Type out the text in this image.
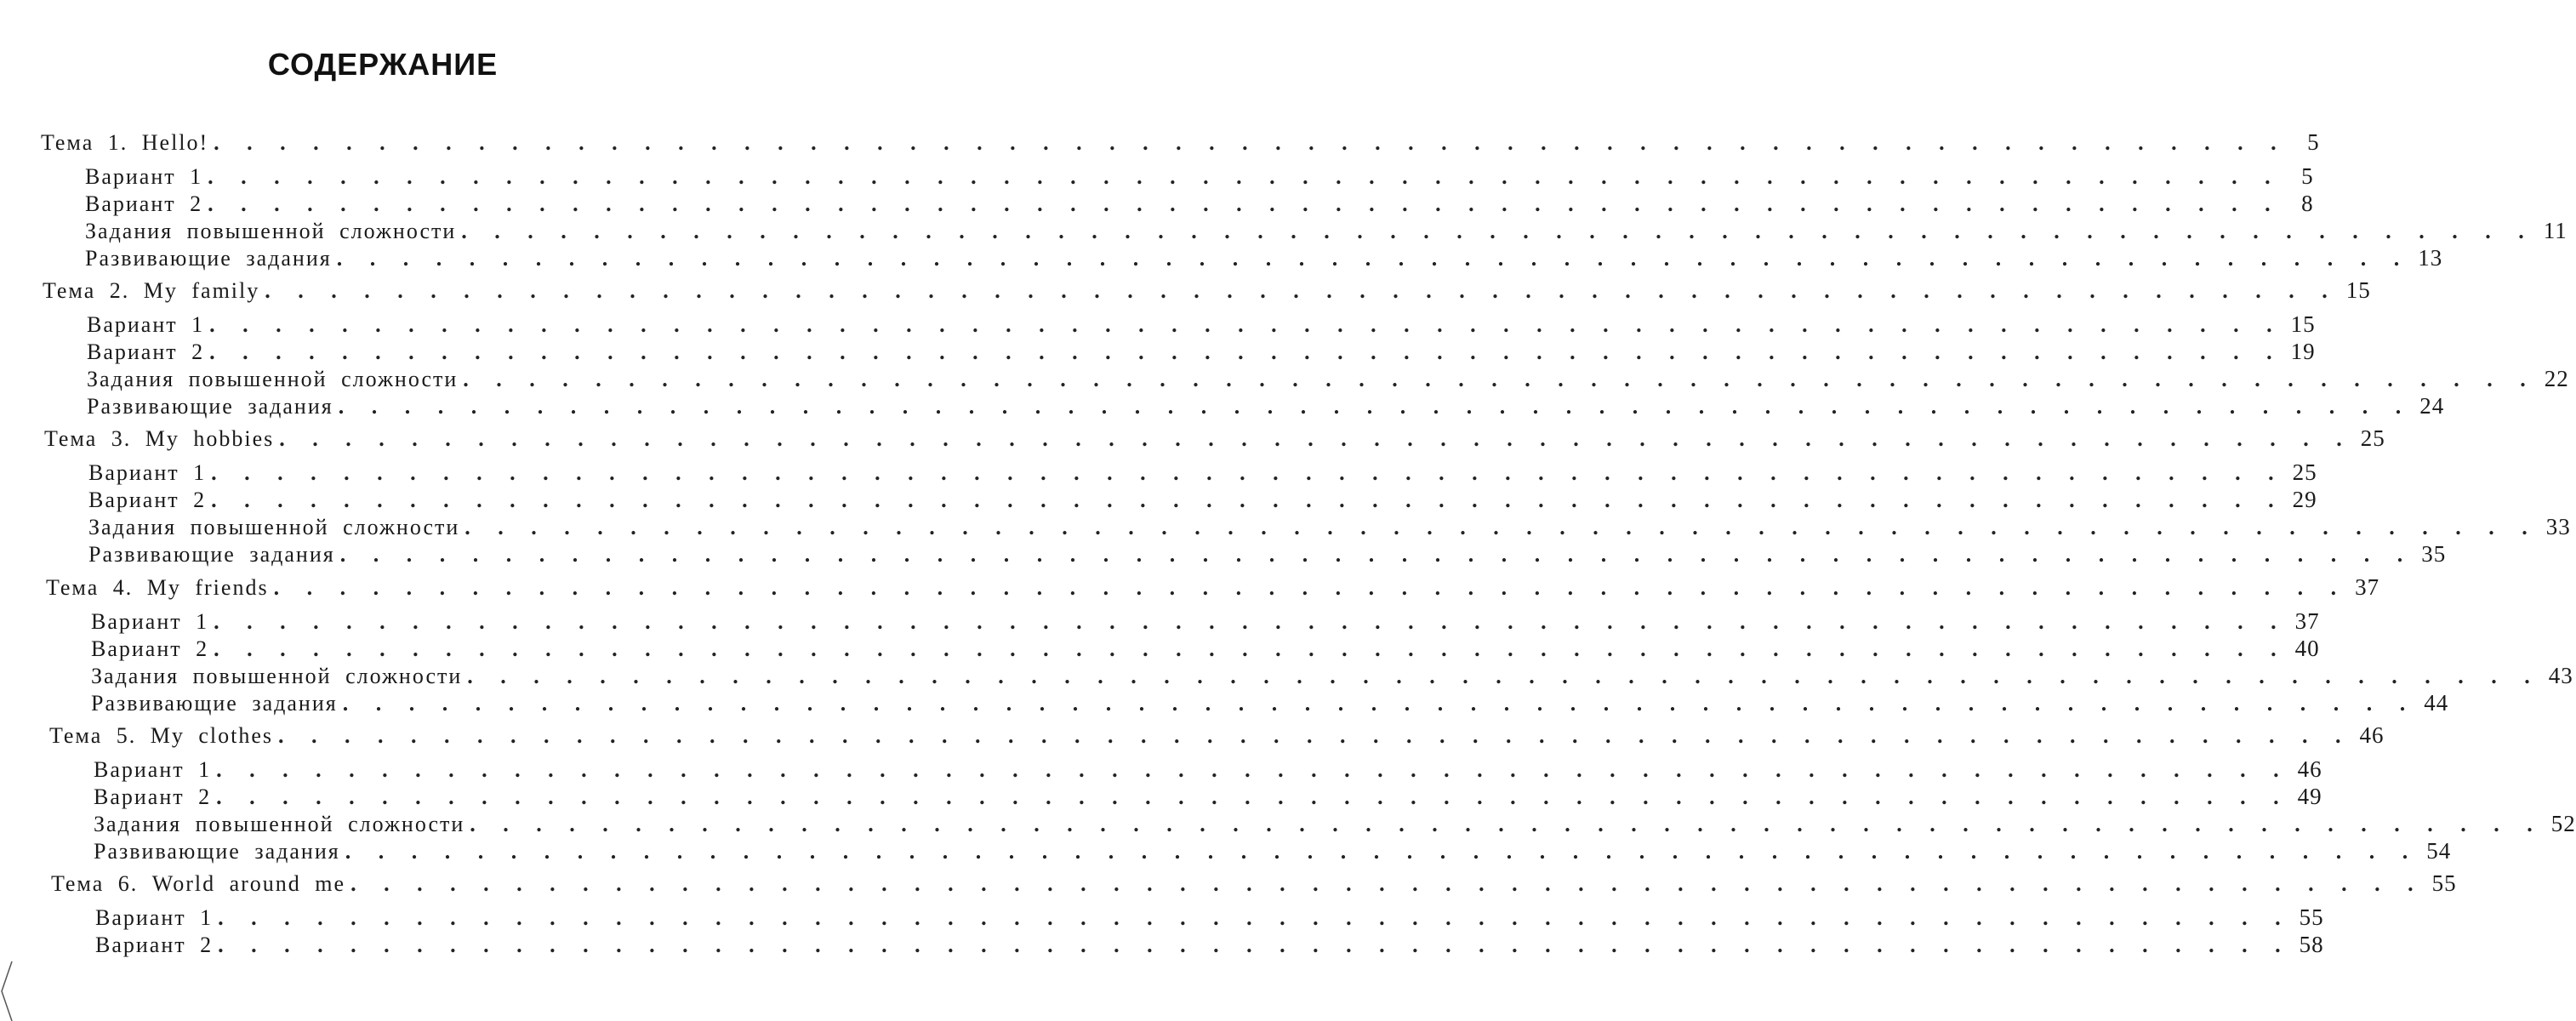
СОДЕРЖАНИЕ
Тема 1. Hello! . . . . . . . . . . . . . . . . . . . . . . . . . . . . . . . . . . . . . . . . . . . . . . . . . . . . . . . . . . . . . . .	5
Вариант 1 . . . . . . . . . . . . . . . . . . . . . . . . . . . . . . . . . . . . . . . . . . . . . . . . . . . . . . . . . . . . . . .	5
Вариант 2 . . . . . . . . . . . . . . . . . . . . . . . . . . . . . . . . . . . . . . . . . . . . . . . . . . . . . . . . . . . . . . .	8
Задания повышенной сложности . . . . . . . . . . . . . . . . . . . . . . . . . . . . . . . . . . . . . . . . . . . . . . . . . . . . . . . . . . . . . . . 11
Развивающие задания . . . . . . . . . . . . . . . . . . . . . . . . . . . . . . . . . . . . . . . . . . . . . . . . . . . . . . . . . . . . . . . 13
Тема 2. My family . . . . . . . . . . . . . . . . . . . . . . . . . . . . . . . . . . . . . . . . . . . . . . . . . . . . . . . . . . . . . . . 15
Вариант 1 . . . . . . . . . . . . . . . . . . . . . . . . . . . . . . . . . . . . . . . . . . . . . . . . . . . . . . . . . . . . . . . 15
Вариант 2 . . . . . . . . . . . . . . . . . . . . . . . . . . . . . . . . . . . . . . . . . . . . . . . . . . . . . . . . . . . . . . . 19
Задания повышенной сложности . . . . . . . . . . . . . . . . . . . . . . . . . . . . . . . . . . . . . . . . . . . . . . . . . . . . . . . . . . . . . . . 22
Развивающие задания . . . . . . . . . . . . . . . . . . . . . . . . . . . . . . . . . . . . . . . . . . . . . . . . . . . . . . . . . . . . . . . 24
Тема 3. My hobbies . . . . . . . . . . . . . . . . . . . . . . . . . . . . . . . . . . . . . . . . . . . . . . . . . . . . . . . . . . . . . . . 25
Вариант 1 . . . . . . . . . . . . . . . . . . . . . . . . . . . . . . . . . . . . . . . . . . . . . . . . . . . . . . . . . . . . . . . 25
Вариант 2 . . . . . . . . . . . . . . . . . . . . . . . . . . . . . . . . . . . . . . . . . . . . . . . . . . . . . . . . . . . . . . . 29
Задания повышенной сложности . . . . . . . . . . . . . . . . . . . . . . . . . . . . . . . . . . . . . . . . . . . . . . . . . . . . . . . . . . . . . . . 33
Развивающие задания . . . . . . . . . . . . . . . . . . . . . . . . . . . . . . . . . . . . . . . . . . . . . . . . . . . . . . . . . . . . . . . 35
Тема 4. My friends . . . . . . . . . . . . . . . . . . . . . . . . . . . . . . . . . . . . . . . . . . . . . . . . . . . . . . . . . . . . . . . 37
Вариант 1 . . . . . . . . . . . . . . . . . . . . . . . . . . . . . . . . . . . . . . . . . . . . . . . . . . . . . . . . . . . . . . . 37
Вариант 2 . . . . . . . . . . . . . . . . . . . . . . . . . . . . . . . . . . . . . . . . . . . . . . . . . . . . . . . . . . . . . . . 40
Задания повышенной сложности . . . . . . . . . . . . . . . . . . . . . . . . . . . . . . . . . . . . . . . . . . . . . . . . . . . . . . . . . . . . . . . 43
Развивающие задания . . . . . . . . . . . . . . . . . . . . . . . . . . . . . . . . . . . . . . . . . . . . . . . . . . . . . . . . . . . . . . . 44
Тема 5. My clothes . . . . . . . . . . . . . . . . . . . . . . . . . . . . . . . . . . . . . . . . . . . . . . . . . . . . . . . . . . . . . . . 46
Вариант 1 . . . . . . . . . . . . . . . . . . . . . . . . . . . . . . . . . . . . . . . . . . . . . . . . . . . . . . . . . . . . . . . 46
Вариант 2 . . . . . . . . . . . . . . . . . . . . . . . . . . . . . . . . . . . . . . . . . . . . . . . . . . . . . . . . . . . . . . . 49
Задания повышенной сложности . . . . . . . . . . . . . . . . . . . . . . . . . . . . . . . . . . . . . . . . . . . . . . . . . . . . . . . . . . . . . . . 52
Развивающие задания . . . . . . . . . . . . . . . . . . . . . . . . . . . . . . . . . . . . . . . . . . . . . . . . . . . . . . . . . . . . . . . 54
Тема 6. World around me . . . . . . . . . . . . . . . . . . . . . . . . . . . . . . . . . . . . . . . . . . . . . . . . . . . . . . . . . . . . . . . 55
Вариант 1 . . . . . . . . . . . . . . . . . . . . . . . . . . . . . . . . . . . . . . . . . . . . . . . . . . . . . . . . . . . . . . . 55
Вариант 2 . . . . . . . . . . . . . . . . . . . . . . . . . . . . . . . . . . . . . . . . . . . . . . . . . . . . . . . . . . . . . . . 58
